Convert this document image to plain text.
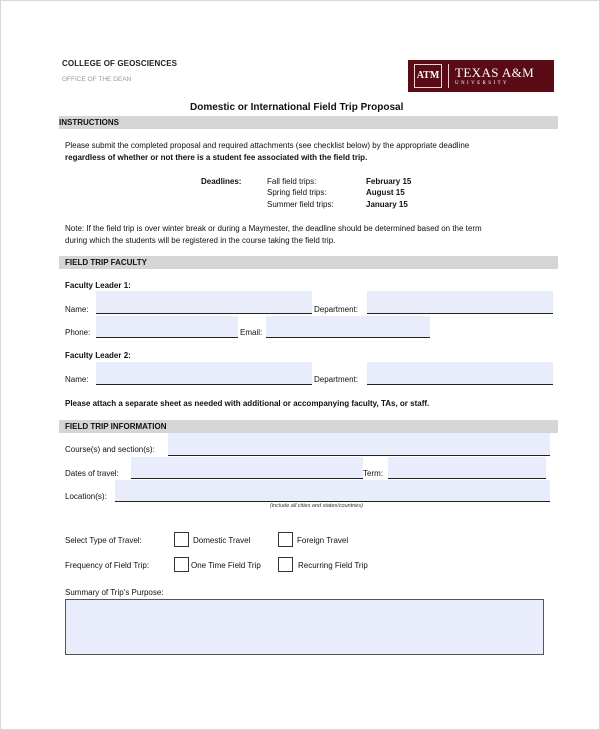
COLLEGE OF GEOSCIENCES
OFFICE OF THE DEAN	ATM TEXAS A&M
UNIVERSITY
Domestic or International Field Trip Proposal
INSTRUCTIONS
Please submit the completed proposal and required attachments (see checklist below) by the appropriate deadline
regardless of whether or not there is a student fee associated with the field trip.
Deadlines:	Fall field trips:	February 15
Spring field trips:	August 15
Summer field trips:	January 15
Note: If the field trip is over winter break or during a Maymester, the deadline should be determined based on the term
during which the students will be registered in the course taking the field trip.
FIELD TRIP FACULTY
Faculty Leader 1:
Name:	Department:
Phone:	Email:
Faculty Leader 2:
Name:	Department:
Please attach a separate sheet as needed with additional or accompanying faculty, TAs, or staff.
FIELD TRIP INFORMATION
Course(s) and section(s):
Dates of travel:	Term:
Location(s):
(include all cities and states/countries)
Select Type of Travel:	Domestic Travel	Foreign Travel
Frequency of Field Trip:	One Time Field Trip	Recurring Field Trip
Summary of Trip’s Purpose:
